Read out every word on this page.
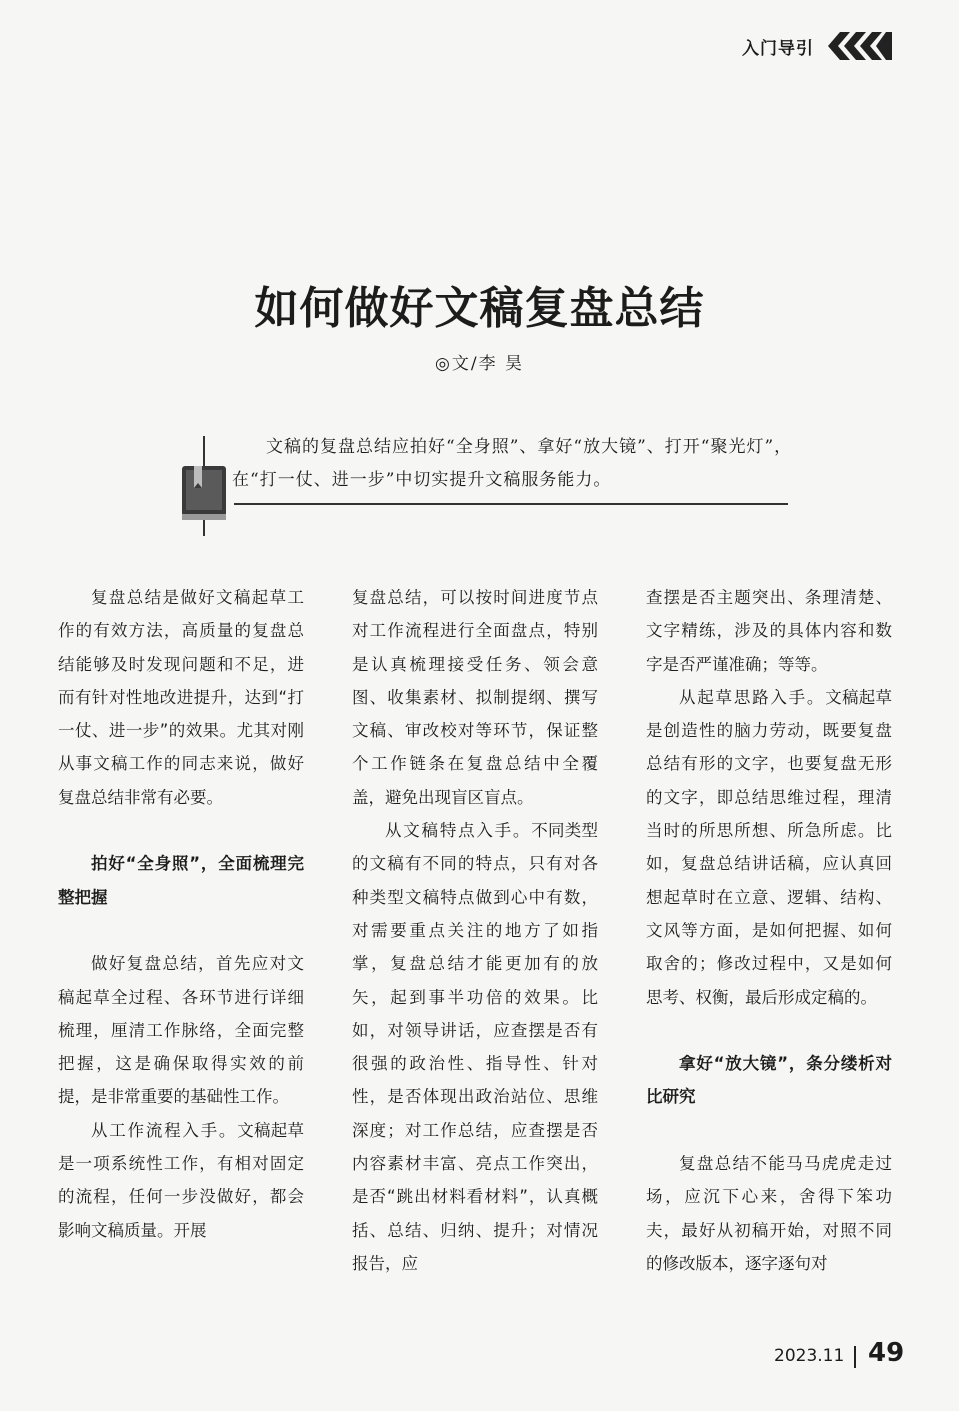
入门导引
如何做好文稿复盘总结
◎文/李 昊
文稿的复盘总结应拍好“全身照”、拿好“放大镜”、打开“聚光灯”，在“打一仗、进一步”中切实提升文稿服务能力。

复盘总结是做好文稿起草工作的有效方法，高质量的复盘总结能够及时发现问题和不足，进而有针对性地改进提升，达到“打一仗、进一步”的效果。尤其对刚从事文稿工作的同志来说，做好复盘总结非常有必要。

拍好“全身照”，全面梳理完整把握

做好复盘总结，首先应对文稿起草全过程、各环节进行详细梳理，厘清工作脉络，全面完整把握，这是确保取得实效的前提，是非常重要的基础性工作。

从工作流程入手。文稿起草是一项系统性工作，有相对固定的流程，任何一步没做好，都会影响文稿质量。开展

复盘总结，可以按时间进度节点对工作流程进行全面盘点，特别是认真梳理接受任务、领会意图、收集素材、拟制提纲、撰写文稿、审改校对等环节，保证整个工作链条在复盘总结中全覆盖，避免出现盲区盲点。

从文稿特点入手。不同类型的文稿有不同的特点，只有对各种类型文稿特点做到心中有数，对需要重点关注的地方了如指掌，复盘总结才能更加有的放矢，起到事半功倍的效果。比如，对领导讲话，应查摆是否有很强的政治性、指导性、针对性，是否体现出政治站位、思维深度；对工作总结，应查摆是否内容素材丰富、亮点工作突出，是否“跳出材料看材料”，认真概括、总结、归纳、提升；对情况报告，应

查摆是否主题突出、条理清楚、文字精练，涉及的具体内容和数字是否严谨准确；等等。

从起草思路入手。文稿起草是创造性的脑力劳动，既要复盘总结有形的文字，也要复盘无形的文字，即总结思维过程，理清当时的所思所想、所急所虑。比如，复盘总结讲话稿，应认真回想起草时在立意、逻辑、结构、文风等方面，是如何把握、如何取舍的；修改过程中，又是如何思考、权衡，最后形成定稿的。

拿好“放大镜”，条分缕析对比研究

复盘总结不能马马虎虎走过场，应沉下心来，舍得下笨功夫，最好从初稿开始，对照不同的修改版本，逐字逐句对

2023.11 49
